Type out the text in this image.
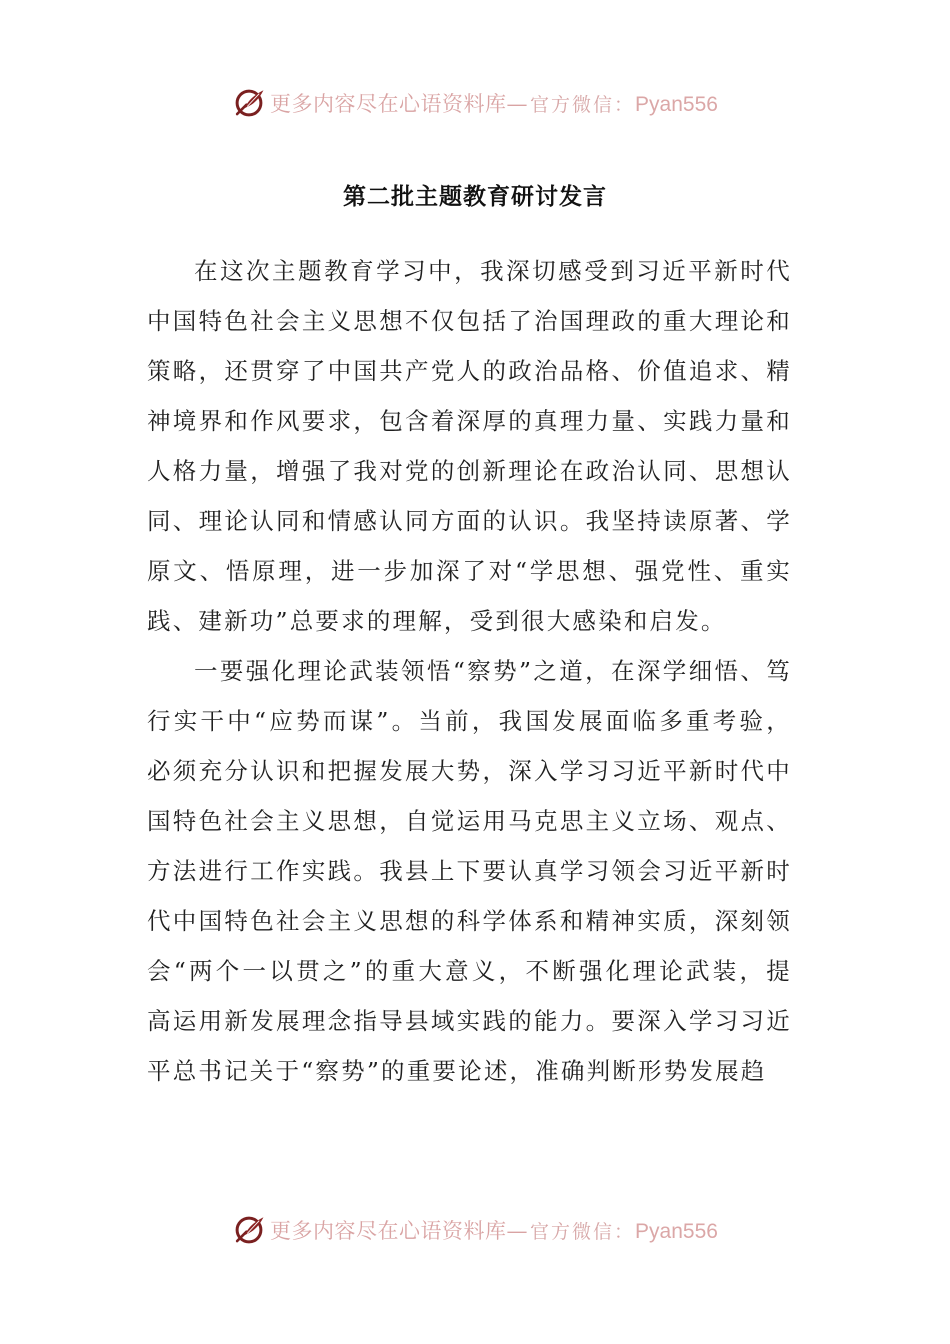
更多内容尽在心语资料库— 官方微信： Pyan556
第二批主题教育研讨发言

在这次主题教育学习中，我深切感受到习近平新时代中国特色社会主义思想不仅包括了治国理政的重大理论和策略，还贯穿了中国共产党人的政治品格、价值追求、精神境界和作风要求，包含着深厚的真理力量、实践力量和人格力量，增强了我对党的创新理论在政治认同、思想认同、理论认同和情感认同方面的认识。我坚持读原著、学原文、悟原理，进一步加深了对“学思想、强党性、重实践、建新功”总要求的理解，受到很大感染和启发。

一要强化理论武装领悟“察势”之道，在深学细悟、笃行实干中“应势而谋”。当前，我国发展面临多重考验，必须充分认识和把握发展大势，深入学习习近平新时代中国特色社会主义思想，自觉运用马克思主义立场、观点、方法进行工作实践。我县上下要认真学习领会习近平新时代中国特色社会主义思想的科学体系和精神实质，深刻领会“两个一以贯之”的重大意义，不断强化理论武装，提高运用新发展理念指导县域实践的能力。要深入学习习近平总书记关于“察势”的重要论述，准确判断形势发展趋

更多内容尽在心语资料库— 官方微信： Pyan556
